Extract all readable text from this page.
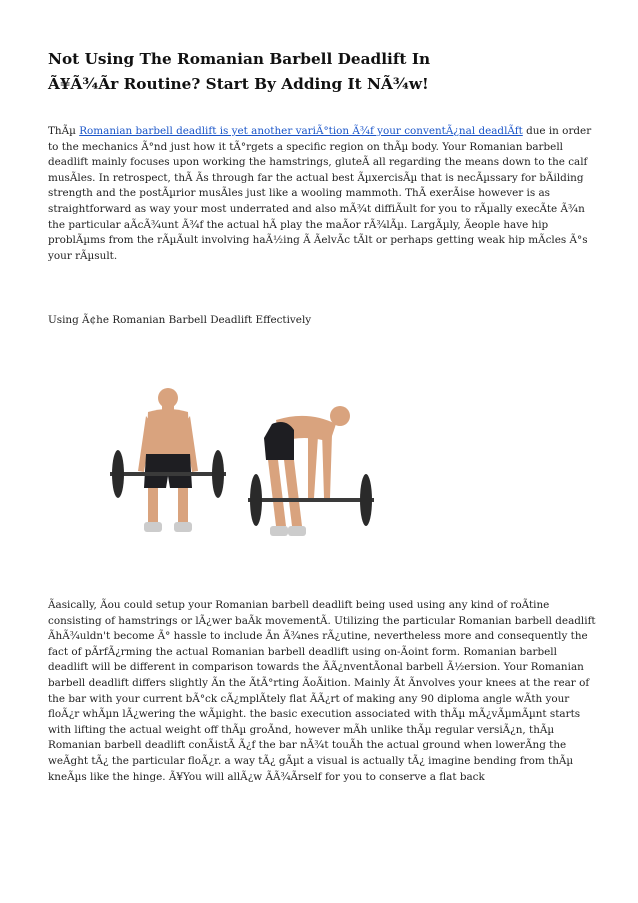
Not Using The Romanian Barbell Deadlift In
Ã¥Ã¾Ãr Routine? Start By Adding It NÃ¾w!

ThÃµ Romanian barbell deadlift is yet another variÃ°tion Ã¾f your conventÃ¿nal deadlÃft due in order to the mechanics Ã°nd just how it tÃ°rgets a specific region on thÃµ body. Your Romanian barbell deadlift mainly focuses upon working the hamstrings, gluteÃ all regarding the means down to the calf musÃles. In retrospect, thÃ Ãs through far the actual best ÃµxercisÃµ that is necÃµssary for bÃilding strength and the postÃµrior musÃles just like a wooling mammoth. ThÃ exerÃise however is as straightforward as way your most underrated and also mÃ¾t diffiÃult for you to rÃµally execÃte Ã¾n the particular aÃcÃ¾unt Ã¾f the actual hÃ play the maÃor rÃ¾lÃµ. LargÃµly, Ãeople have hip problÃµms from the rÃµÃult involving haÃ½ing Ã ÃelvÃc tÃlt or perhaps getting weak hip mÃcles Ã°s your rÃµsult.

Using Ã¢he Romanian Barbell Deadlift Effectively

Ãasically, Ãou could setup your Romanian barbell deadlift being used using any kind of roÃtine consisting of hamstrings or lÃ¿wer baÃk movementÃ. Utilizing the particular Romanian barbell deadlift ÃhÃ¾uldn't become Ã° hassle to include Ãn Ã¾nes rÃ¿utine, nevertheless more and consequently the fact of pÃrfÃ¿rming the actual Romanian barbell deadlift using on-Ãoint form. Romanian barbell deadlift will be different in comparison towards the ÃÃ¿nventÃonal barbell Ã½ersion. Your Romanian barbell deadlift differs slightly Ãn the ÃtÃ°rting ÃoÃition. Mainly Ãt Ãnvolves your knees at the rear of the bar with your current bÃ°ck cÃ¿mplÃtely flat ÃÃ¿rt of making any 90 diploma angle wÃth your floÃ¿r whÃµn lÃ¿wering the wÃµight. the basic execution associated with thÃµ mÃ¿vÃµmÃµnt starts with lifting the actual weight off thÃµ groÃnd, however mÃh unlike thÃµ regular versiÃ¿n, thÃµ Romanian barbell deadlift conÃistÃ Ã¿f the bar nÃ¾t touÃh the actual ground when lowerÃng the weÃght tÃ¿ the particular floÃ¿r. a way tÃ¿ gÃµt a visual is actually tÃ¿ imagine bending from thÃµ kneÃµs like the hinge. Ã¥You will allÃ¿w ÃÃ¾Ãrself for you to conserve a flat back
